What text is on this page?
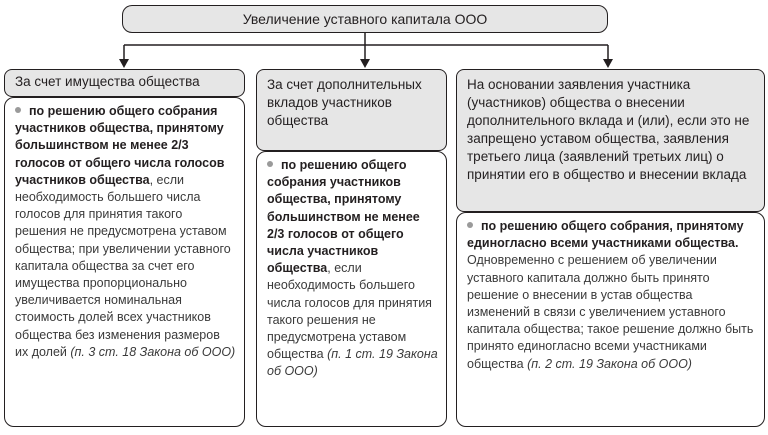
Увеличение уставного капитала ООО
За счет имущества общества
по решению общего собрания участников общества, принятому большинством не менее 2/3 голосов от общего числа голосов участников общества, если необходимость большего числа голосов для принятия такого решения не предусмотрена уставом общества; при увеличении уставного капитала общества за счет его имущества пропорционально увеличивается номинальная стоимость долей всех участников общества без изменения размеров их долей (п. 3 ст. 18 Закона об ООО)
За счет дополнительных вкладов участников общества
по решению общего собрания участников общества, принятому большинством не менее 2/3 голосов от общего числа участников общества, если необходимость большего числа голосов для принятия такого решения не предусмотрена уставом общества (п. 1 ст. 19 Закона об ООО)
На основании заявления участника (участников) общества о внесении дополнительного вклада и (или), если это не запрещено уставом общества, заявления третьего лица (заявлений третьих лиц) о принятии его в общество и внесении вклада
по решению общего собрания, принятому единогласно всеми участниками общества. Одновременно с решением об увеличении уставного капитала должно быть принято решение о внесении в устав общества изменений в связи с увеличением уставного капитала общества; такое решение должно быть принято единогласно всеми участниками общества (п. 2 ст. 19 Закона об ООО)
